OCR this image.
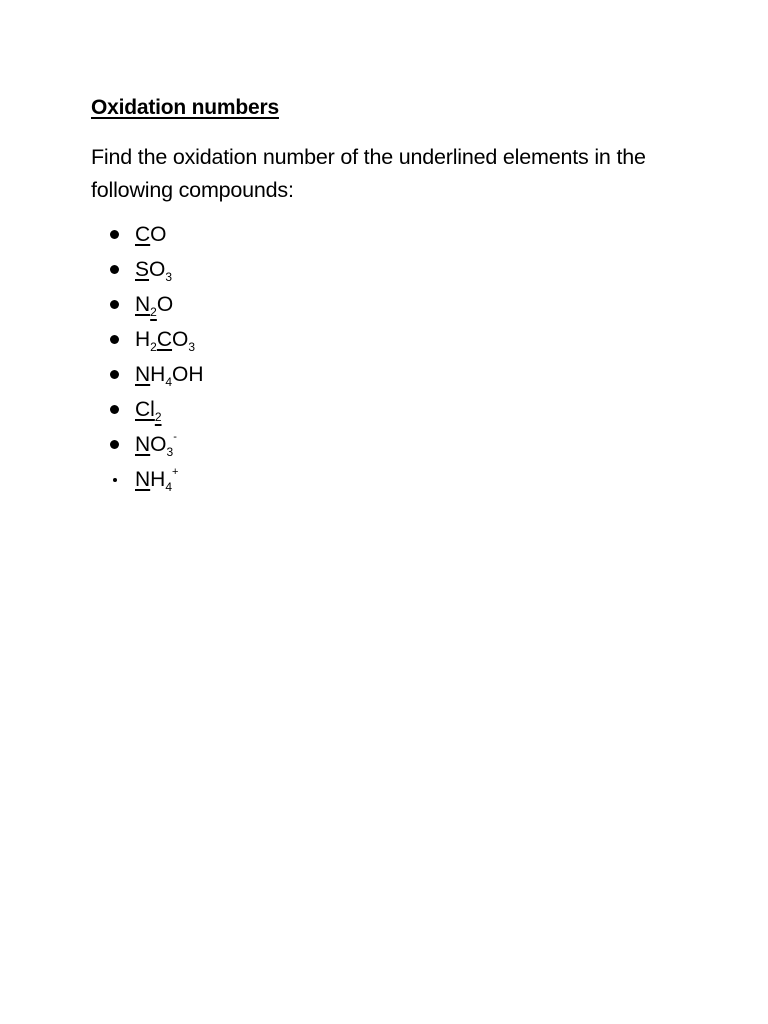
Oxidation numbers

Find the oxidation number of the underlined elements in the following compounds:

CO
$SO_3$
$N_2O$
$H_2CO_3$
$NH_4OH$
$Cl_2$
$NO_3^-$
$NH_4^+$
